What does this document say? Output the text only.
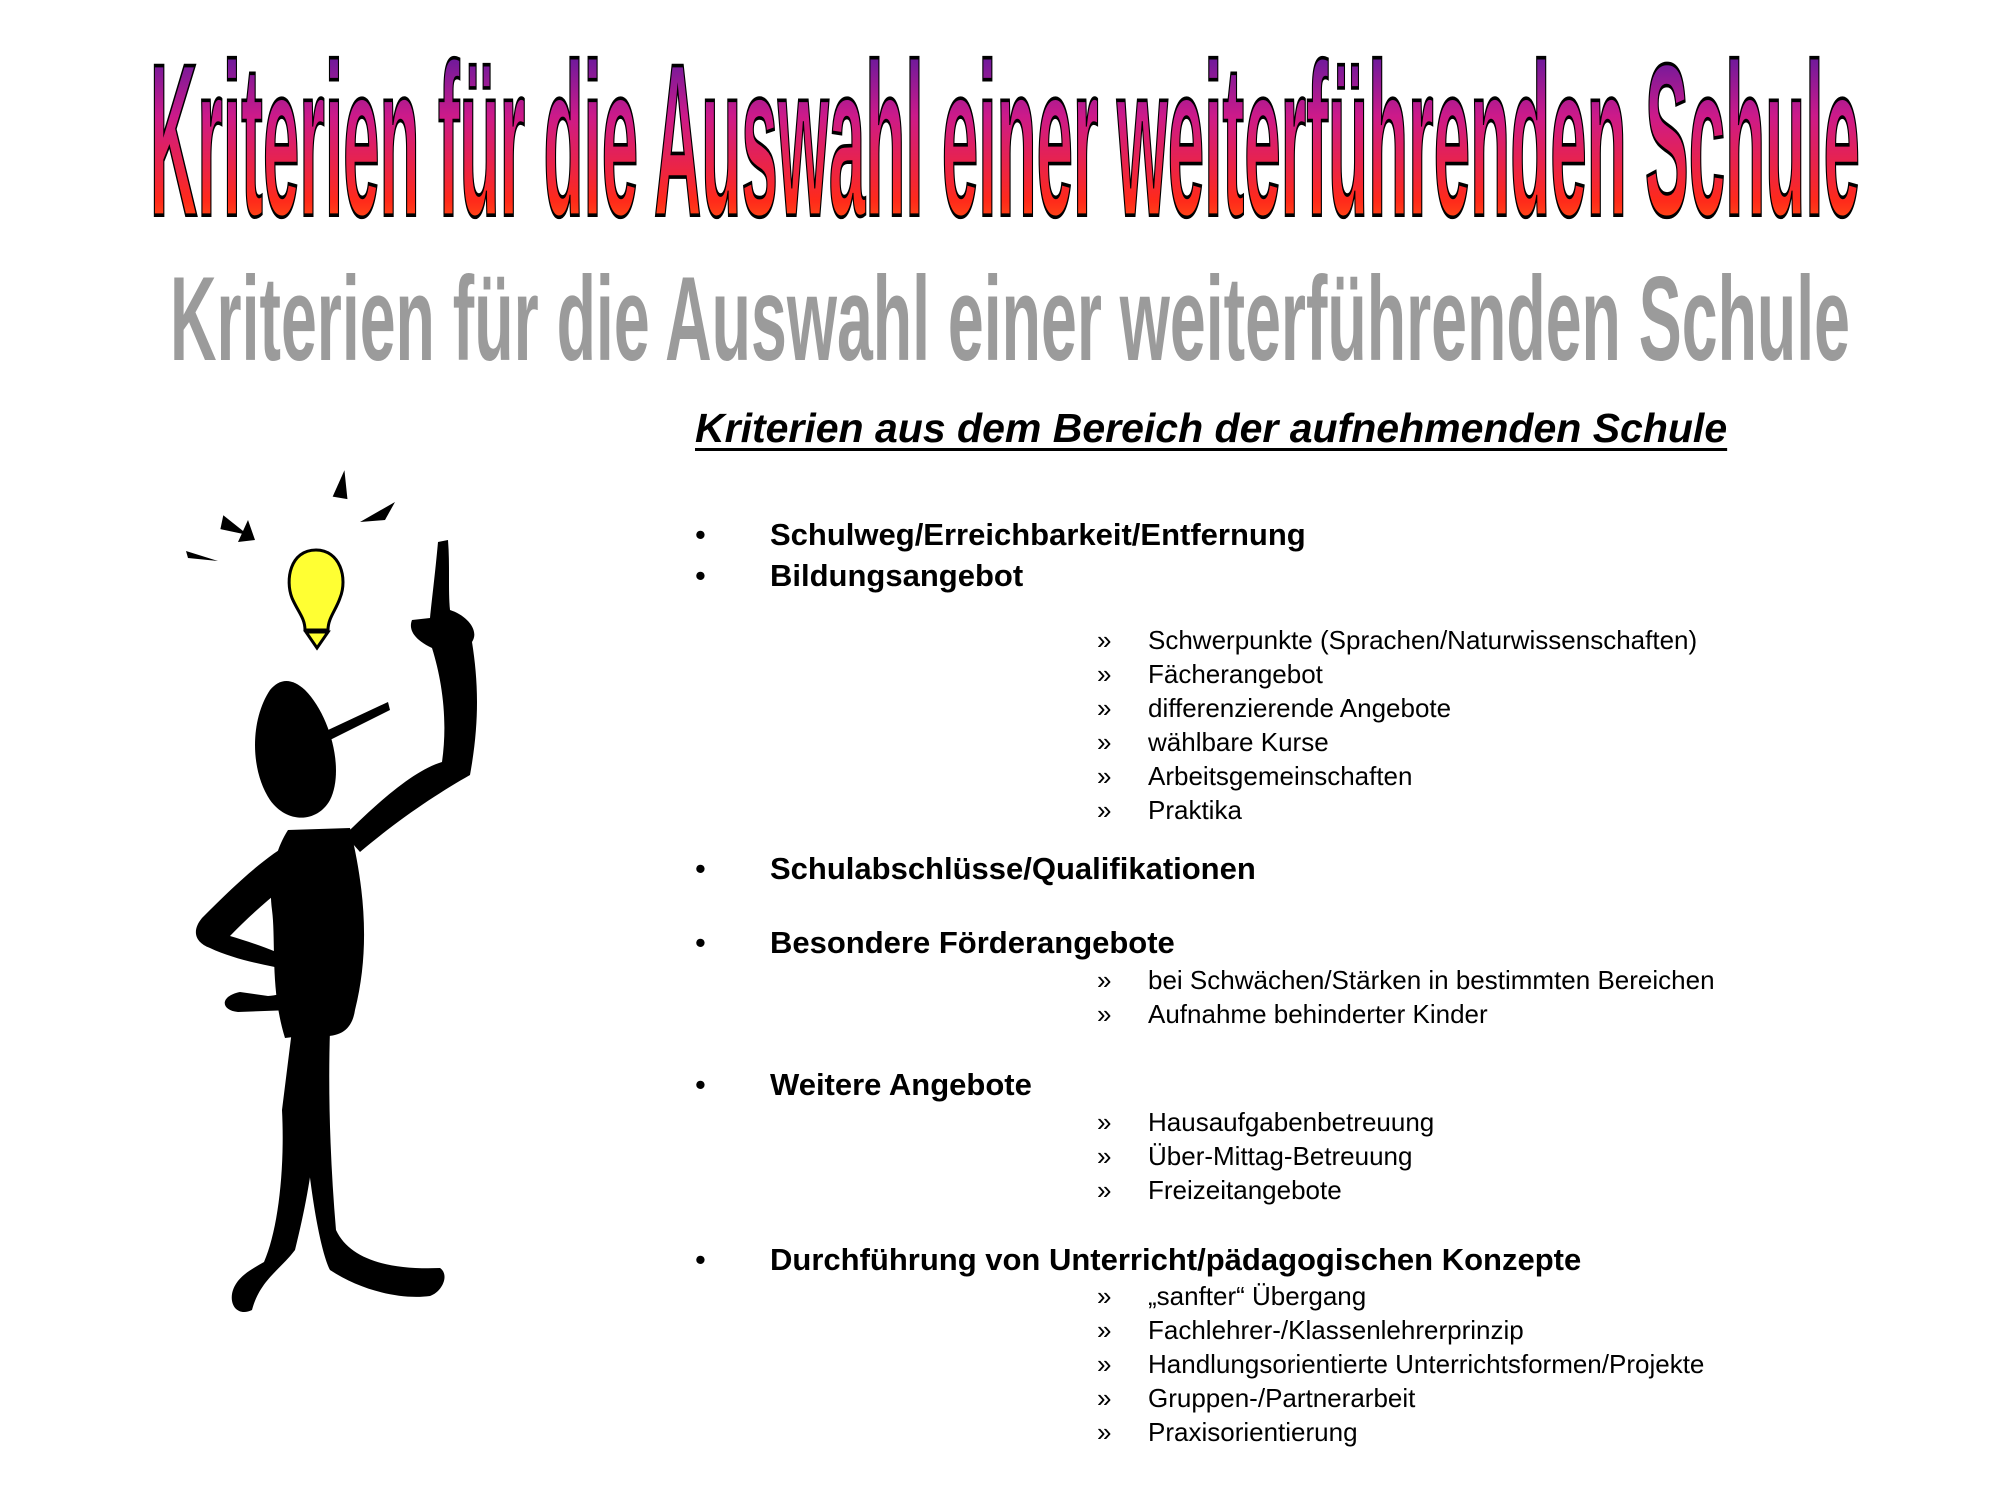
Kriterien für die Auswahl einer weiterführenden Schule
Kriterien für die Auswahl einer weiterführenden Schule
Kriterien aus dem Bereich der aufnehmenden Schule
• Schulweg/Erreichbarkeit/Entfernung
• Bildungsangebot
» Schwerpunkte (Sprachen/Naturwissenschaften)
» Fächerangebot
» differenzierende Angebote
» wählbare Kurse
» Arbeitsgemeinschaften
» Praktika
• Schulabschlüsse/Qualifikationen
• Besondere Förderangebote
» bei Schwächen/Stärken in bestimmten Bereichen
» Aufnahme behinderter Kinder
• Weitere Angebote
» Hausaufgabenbetreuung
» Über-Mittag-Betreuung
» Freizeitangebote
• Durchführung von Unterricht/pädagogischen Konzepte
» „sanfter“ Übergang
» Fachlehrer-/Klassenlehrerprinzip
» Handlungsorientierte Unterrichtsformen/Projekte
» Gruppen-/Partnerarbeit
» Praxisorientierung
